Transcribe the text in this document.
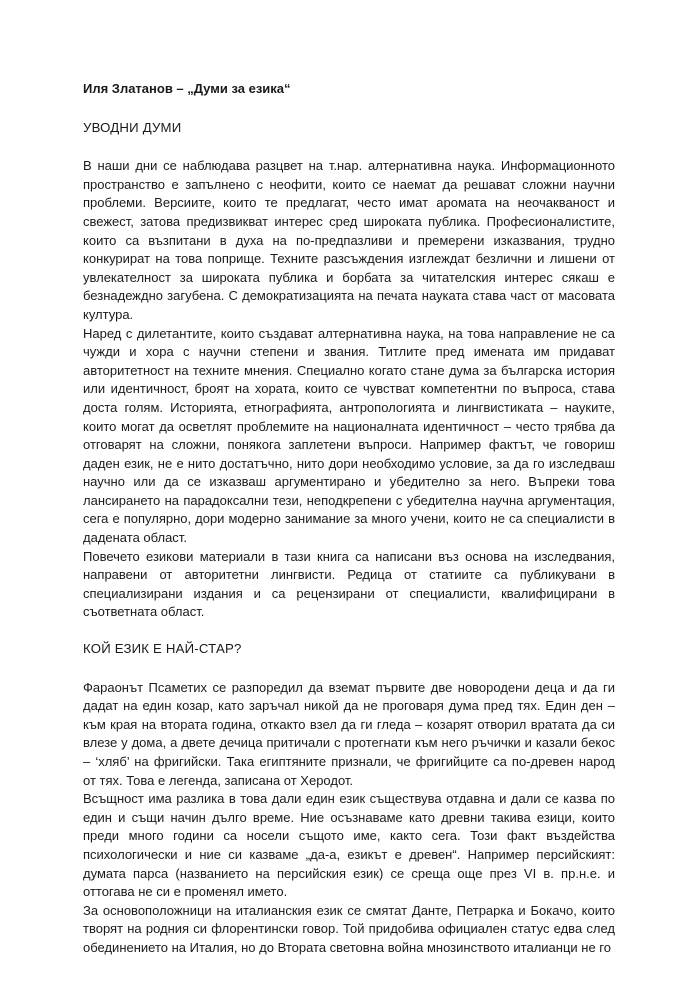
Иля Златанов – „Думи за езика“
УВОДНИ ДУМИ

В наши дни се наблюдава разцвет на т.нар. алтернативна наука. Информационното пространство е запълнено с неофити, които се наемат да решават сложни научни проблеми. Версиите, които те предлагат, често имат аромата на неочакваност и свежест, затова предизвикват интерес сред широката публика. Професионалистите, които са възпитани в духа на по-предпазливи и премерени изказвания, трудно конкурират на това поприще. Техните разсъждения изглеждат безлични и лишени от увлекателност за широката публика и борбата за читателския интерес сякаш е безнадеждно загубена. С демократизацията на печата науката става част от масовата култура.

Наред с дилетантите, които създават алтернативна наука, на това направление не са чужди и хора с научни степени и звания. Титлите пред имената им придават авторитетност на техните мнения. Специално когато стане дума за българска история или идентичност, броят на хората, които се чувстват компетентни по въпроса, става доста голям. Историята, етнографията, антропологията и лингвистиката – науките, които могат да осветлят проблемите на националната идентичност – често трябва да отговарят на сложни, понякога заплетени въпроси. Например фактът, че говориш даден език, не е нито достатъчно, нито дори необходимо условие, за да го изследваш научно или да се изказваш аргументирано и убедително за него. Въпреки това лансирането на парадоксални тези, неподкрепени с убедителна научна аргументация, сега е популярно, дори модерно занимание за много учени, които не са специалисти в дадената област.

Повечето езикови материали в тази книга са написани въз основа на изследвания, направени от авторитетни лингвисти. Редица от статиите са публикувани в специализирани издания и са рецензирани от специалисти, квалифицирани в съответната област.

КОЙ ЕЗИК Е НАЙ-СТАР?

Фараонът Псаметих се разпоредил да вземат първите две новородени деца и да ги дадат на един козар, като заръчал никой да не проговаря дума пред тях. Един ден – към края на втората година, откакто взел да ги гледа – козарят отворил вратата да си влезе у дома, а двете дечица притичали с протегнати към него ръчички и казали бекос – ‘хляб’ на фригийски. Така египтяните признали, че фригийците са по-древен народ от тях. Това е легенда, записана от Херодот.

Всъщност има разлика в това дали един език съществува отдавна и дали се казва по един и същи начин дълго време. Ние осъзнаваме като древни такива езици, които преди много години са носели същото име, както сега. Този факт въздейства психологически и ние си казваме „да-а, езикът е древен“. Например персийският: думата парса (названието на персийския език) се среща още през VI в. пр.н.е. и оттогава не си е променял името.

За основоположници на италианския език се смятат Данте, Петрарка и Бокачо, които творят на родния си флорентински говор. Той придобива официален статус едва след обединението на Италия, но до Втората световна война мнозинството италианци не го
